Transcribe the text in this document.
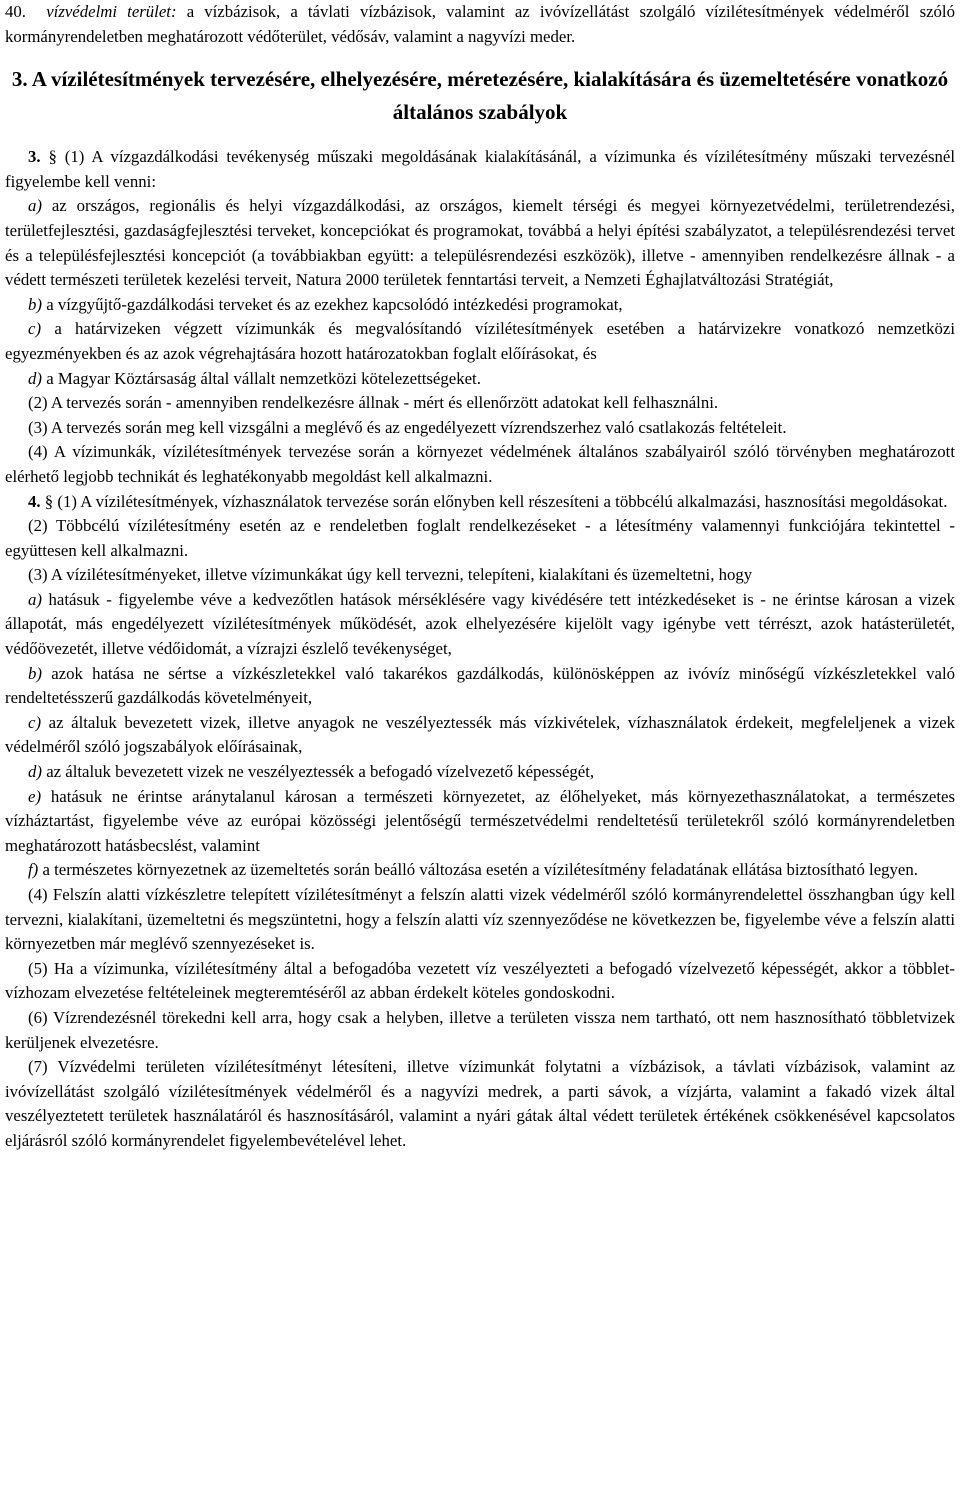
40. vízvédelmi terület: a vízbázisok, a távlati vízbázisok, valamint az ivóvízellátást szolgáló vízilétesítmények védelméről szóló kormányrendeletben meghatározott védőterület, védősáv, valamint a nagyvízi meder.

3. A vízilétesítmények tervezésére, elhelyezésére, méretezésére, kialakítására és üzemeltetésére vonatkozó általános szabályok

3. § (1) A vízgazdálkodási tevékenység műszaki megoldásának kialakításánál, a vízimunka és vízilétesítmény műszaki tervezésnél figyelembe kell venni:

a) az országos, regionális és helyi vízgazdálkodási, az országos, kiemelt térségi és megyei környezetvédelmi, területrendezési, területfejlesztési, gazdaságfejlesztési terveket, koncepciókat és programokat, továbbá a helyi építési szabályzatot, a településrendezési tervet és a településfejlesztési koncepciót (a továbbiakban együtt: a településrendezési eszközök), illetve - amennyiben rendelkezésre állnak - a védett természeti területek kezelési terveit, Natura 2000 területek fenntartási terveit, a Nemzeti Éghajlatváltozási Stratégiát,

b) a vízgyűjtő-gazdálkodási terveket és az ezekhez kapcsolódó intézkedési programokat,

c) a határvizeken végzett vízimunkák és megvalósítandó vízilétesítmények esetében a határvizekre vonatkozó nemzetközi egyezményekben és az azok végrehajtására hozott határozatokban foglalt előírásokat, és

d) a Magyar Köztársaság által vállalt nemzetközi kötelezettségeket.

(2) A tervezés során - amennyiben rendelkezésre állnak - mért és ellenőrzött adatokat kell felhasználni.

(3) A tervezés során meg kell vizsgálni a meglévő és az engedélyezett vízrendszerhez való csatlakozás feltételeit.

(4) A vízimunkák, vízilétesítmények tervezése során a környezet védelmének általános szabályairól szóló törvényben meghatározott elérhető legjobb technikát és leghatékonyabb megoldást kell alkalmazni.

4. § (1) A vízilétesítmények, vízhasználatok tervezése során előnyben kell részesíteni a többcélú alkalmazási, hasznosítási megoldásokat.

(2) Többcélú vízilétesítmény esetén az e rendeletben foglalt rendelkezéseket - a létesítmény valamennyi funkciójára tekintettel - együttesen kell alkalmazni.

(3) A vízilétesítményeket, illetve vízimunkákat úgy kell tervezni, telepíteni, kialakítani és üzemeltetni, hogy

a) hatásuk - figyelembe véve a kedvezőtlen hatások mérséklésére vagy kivédésére tett intézkedéseket is - ne érintse károsan a vizek állapotát, más engedélyezett vízilétesítmények működését, azok elhelyezésére kijelölt vagy igénybe vett térrészt, azok hatásterületét, védőövezetét, illetve védőidomát, a vízrajzi észlelő tevékenységet,

b) azok hatása ne sértse a vízkészletekkel való takarékos gazdálkodás, különösképpen az ivóvíz minőségű vízkészletekkel való rendeltetésszerű gazdálkodás követelményeit,

c) az általuk bevezetett vizek, illetve anyagok ne veszélyeztessék más vízkivételek, vízhasználatok érdekeit, megfeleljenek a vizek védelméről szóló jogszabályok előírásainak,

d) az általuk bevezetett vizek ne veszélyeztessék a befogadó vízelvezető képességét,

e) hatásuk ne érintse aránytalanul károsan a természeti környezetet, az élőhelyeket, más környezethasználatokat, a természetes vízháztartást, figyelembe véve az európai közösségi jelentőségű természetvédelmi rendeltetésű területekről szóló kormányrendeletben meghatározott hatásbecslést, valamint

f) a természetes környezetnek az üzemeltetés során beálló változása esetén a vízilétesítmény feladatának ellátása biztosítható legyen.

(4) Felszín alatti vízkészletre telepített vízilétesítményt a felszín alatti vizek védelméről szóló kormányrendelettel összhangban úgy kell tervezni, kialakítani, üzemeltetni és megszüntetni, hogy a felszín alatti víz szennyeződése ne következzen be, figyelembe véve a felszín alatti környezetben már meglévő szennyezéseket is.

(5) Ha a vízimunka, vízilétesítmény által a befogadóba vezetett víz veszélyezteti a befogadó vízelvezető képességét, akkor a többlet-vízhozam elvezetése feltételeinek megteremtéséről az abban érdekelt köteles gondoskodni.

(6) Vízrendezésnél törekedni kell arra, hogy csak a helyben, illetve a területen vissza nem tartható, ott nem hasznosítható többletvizek kerüljenek elvezetésre.

(7) Vízvédelmi területen vízilétesítményt létesíteni, illetve vízimunkát folytatni a vízbázisok, a távlati vízbázisok, valamint az ivóvízellátást szolgáló vízilétesítmények védelméről és a nagyvízi medrek, a parti sávok, a vízjárta, valamint a fakadó vizek által veszélyeztetett területek használatáról és hasznosításáról, valamint a nyári gátak által védett területek értékének csökkenésével kapcsolatos eljárásról szóló kormányrendelet figyelembevételével lehet.
